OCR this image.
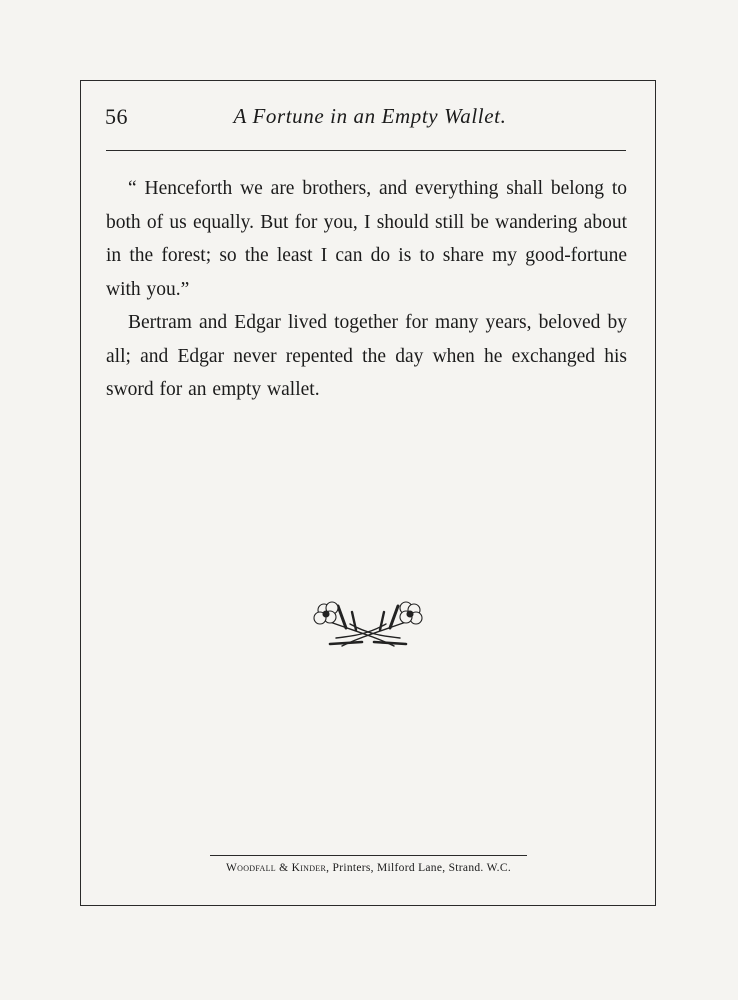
56	A Fortune in an Empty Wallet.

“ Henceforth we are brothers, and everything shall belong to both of us equally. But for you, I should still be wandering about in the forest; so the least I can do is to share my good-fortune with you.”

Bertram and Edgar lived together for many years, beloved by all; and Edgar never repented the day when he exchanged his sword for an empty wallet.

Woodfall & Kinder, Printers, Milford Lane, Strand. W.C.
